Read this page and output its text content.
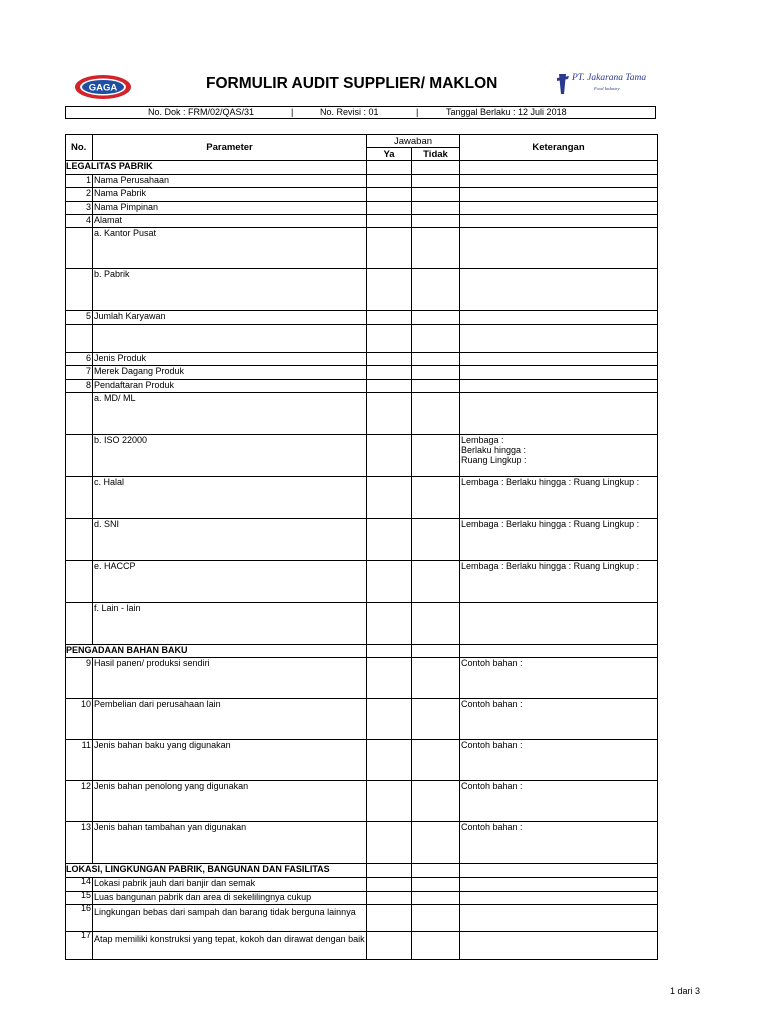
GAGA
PT. Jakarana Tama
Food Industry
FORMULIR AUDIT SUPPLIER/ MAKLON
No. Dok : FRM/02/QAS/31	|	No. Revisi : 01	|	Tanggal Berlaku : 12 Juli 2018
No.	Parameter	Jawaban		Keterangan
		Ya	Tidak	
LEGALITAS PABRIK				
1	Nama Perusahaan			
2	Nama Pabrik			
3	Nama Pimpinan			
4	Alamat			
	a. Kantor Pusat			
	b. Pabrik			
5	Jumlah Karyawan			

6	Jenis Produk			
7	Merek Dagang Produk			
8	Pendaftaran Produk			
	a. MD/ ML			
	b. ISO 22000			Lembaga :
Berlaku hingga :
Ruang Lingkup :
	c. Halal			Lembaga : Berlaku hingga : Ruang Lingkup :
	d. SNI			Lembaga : Berlaku hingga : Ruang Lingkup :
	e. HACCP			Lembaga : Berlaku hingga : Ruang Lingkup :
	f. Lain - lain			
PENGADAAN BAHAN BAKU				
9	Hasil panen/ produksi sendiri			Contoh bahan :
10	Pembelian dari perusahaan lain			Contoh bahan :
11	Jenis bahan baku yang digunakan			Contoh bahan :
12	Jenis bahan penolong yang digunakan			Contoh bahan :
13	Jenis bahan tambahan yan digunakan			Contoh bahan :
LOKASI, LINGKUNGAN PABRIK, BANGUNAN DAN FASILITAS				
14	Lokasi pabrik jauh dari banjir dan semak			
15	Luas bangunan pabrik dan area di sekelilingnya cukup			
16	Lingkungan bebas dari sampah dan barang tidak berguna lainnya			
17	Atap memiliki konstruksi yang tepat, kokoh dan dirawat dengan baik			
1 dari 3
